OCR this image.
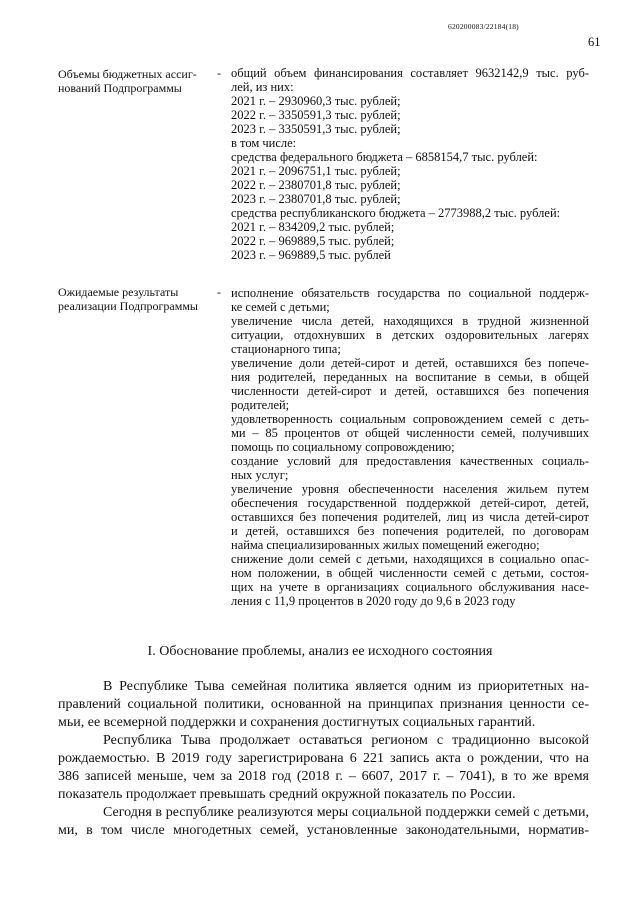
620200083/22184(18)
61
Объемы бюджетных ассиг-
нований Подпрограммы
- общий объем финансирования составляет 9632142,9 тыс. руб-
лей, из них:
2021 г. – 2930960,3 тыс. рублей;
2022 г. – 3350591,3 тыс. рублей;
2023 г. – 3350591,3 тыс. рублей;
в том числе:
средства федерального бюджета – 6858154,7 тыс. рублей:
2021 г. – 2096751,1 тыс. рублей;
2022 г. – 2380701,8 тыс. рублей;
2023 г. – 2380701,8 тыс. рублей;
средства республиканского бюджета – 2773988,2 тыс. рублей:
2021 г. – 834209,2 тыс. рублей;
2022 г. – 969889,5 тыс. рублей;
2023 г. – 969889,5 тыс. рублей
Ожидаемые результаты
реализации Подпрограммы
- исполнение обязательств государства по социальной поддерж-
ке семей с детьми;
увеличение числа детей, находящихся в трудной жизненной
ситуации, отдохнувших в детских оздоровительных лагерях
стационарного типа;
увеличение доли детей-сирот и детей, оставшихся без попече-
ния родителей, переданных на воспитание в семьи, в общей
численности детей-сирот и детей, оставшихся без попечения
родителей;
удовлетворенность социальным сопровождением семей с деть-
ми – 85 процентов от общей численности семей, получивших
помощь по социальному сопровождению;
создание условий для предоставления качественных социаль-
ных услуг;
увеличение уровня обеспеченности населения жильем путем
обеспечения государственной поддержкой детей-сирот, детей,
оставшихся без попечения родителей, лиц из числа детей-сирот
и детей, оставшихся без попечения родителей, по договорам
найма специализированных жилых помещений ежегодно;
снижение доли семей с детьми, находящихся в социально опас-
ном положении, в общей численности семей с детьми, состоя-
щих на учете в организациях социального обслуживания насе-
ления с 11,9 процентов в 2020 году до 9,6 в 2023 году
I. Обоснование проблемы, анализ ее исходного состояния
В Республике Тыва семейная политика является одним из приоритетных на-
правлений социальной политики, основанной на принципах признания ценности се-
мьи, ее всемерной поддержки и сохранения достигнутых социальных гарантий.
Республика Тыва продолжает оставаться регионом с традиционно высокой
рождаемостью. В 2019 году зарегистрирована 6 221 запись акта о рождении, что на
386 записей меньше, чем за 2018 год (2018 г. – 6607, 2017 г. – 7041), в то же время
показатель продолжает превышать средний окружной показатель по России.
Сегодня в республике реализуются меры социальной поддержки семей с детьми,
ми, в том числе многодетных семей, установленные законодательными, норматив-
